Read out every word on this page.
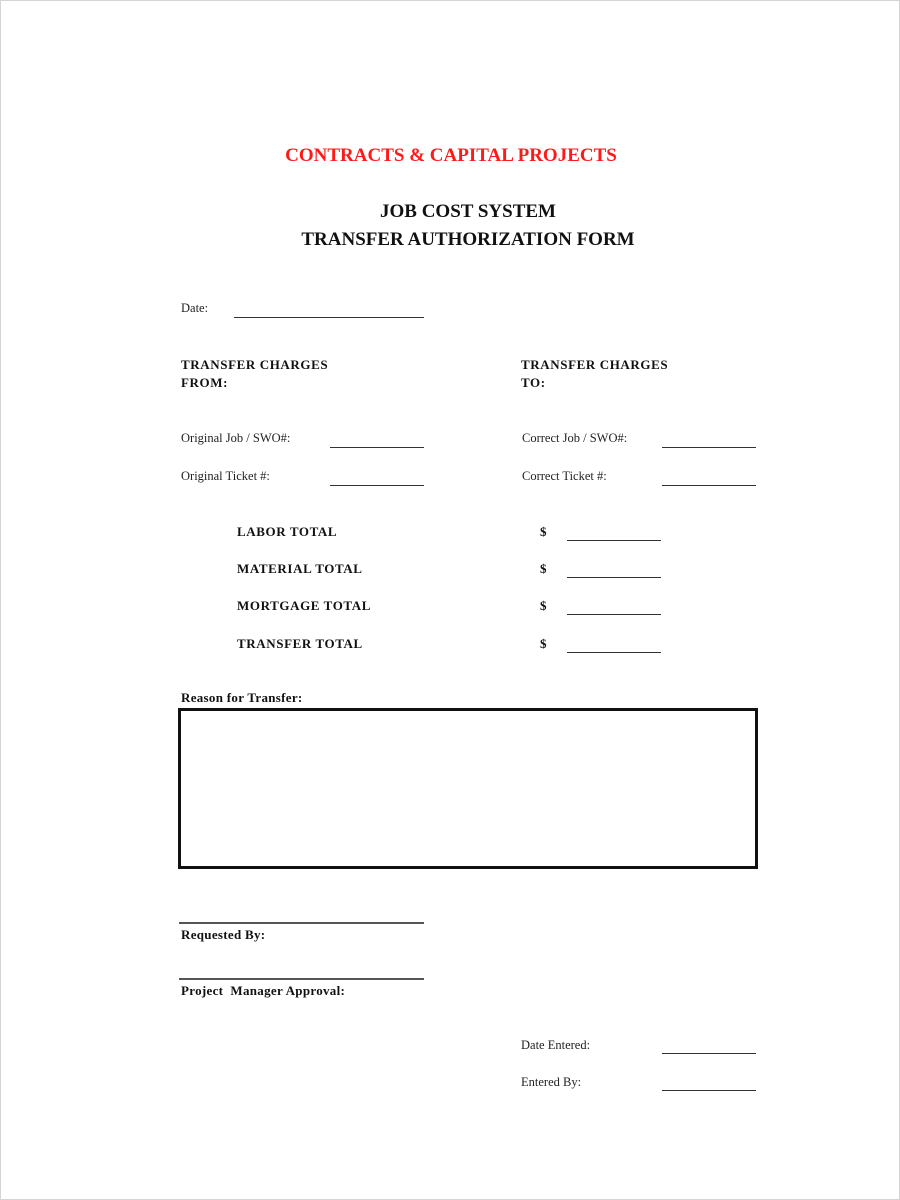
CONTRACTS & CAPITAL PROJECTS
JOB COST SYSTEM
TRANSFER AUTHORIZATION FORM
Date:
TRANSFER CHARGES
FROM:
TRANSFER CHARGES
TO:
Original Job / SWO#:
Original Ticket #:
Correct Job / SWO#:
Correct Ticket #:
LABOR TOTAL	$
MATERIAL TOTAL	$
MORTGAGE TOTAL	$
TRANSFER TOTAL	$
Reason for Transfer:
Requested By:
Project  Manager Approval:
Date Entered:
Entered By:
